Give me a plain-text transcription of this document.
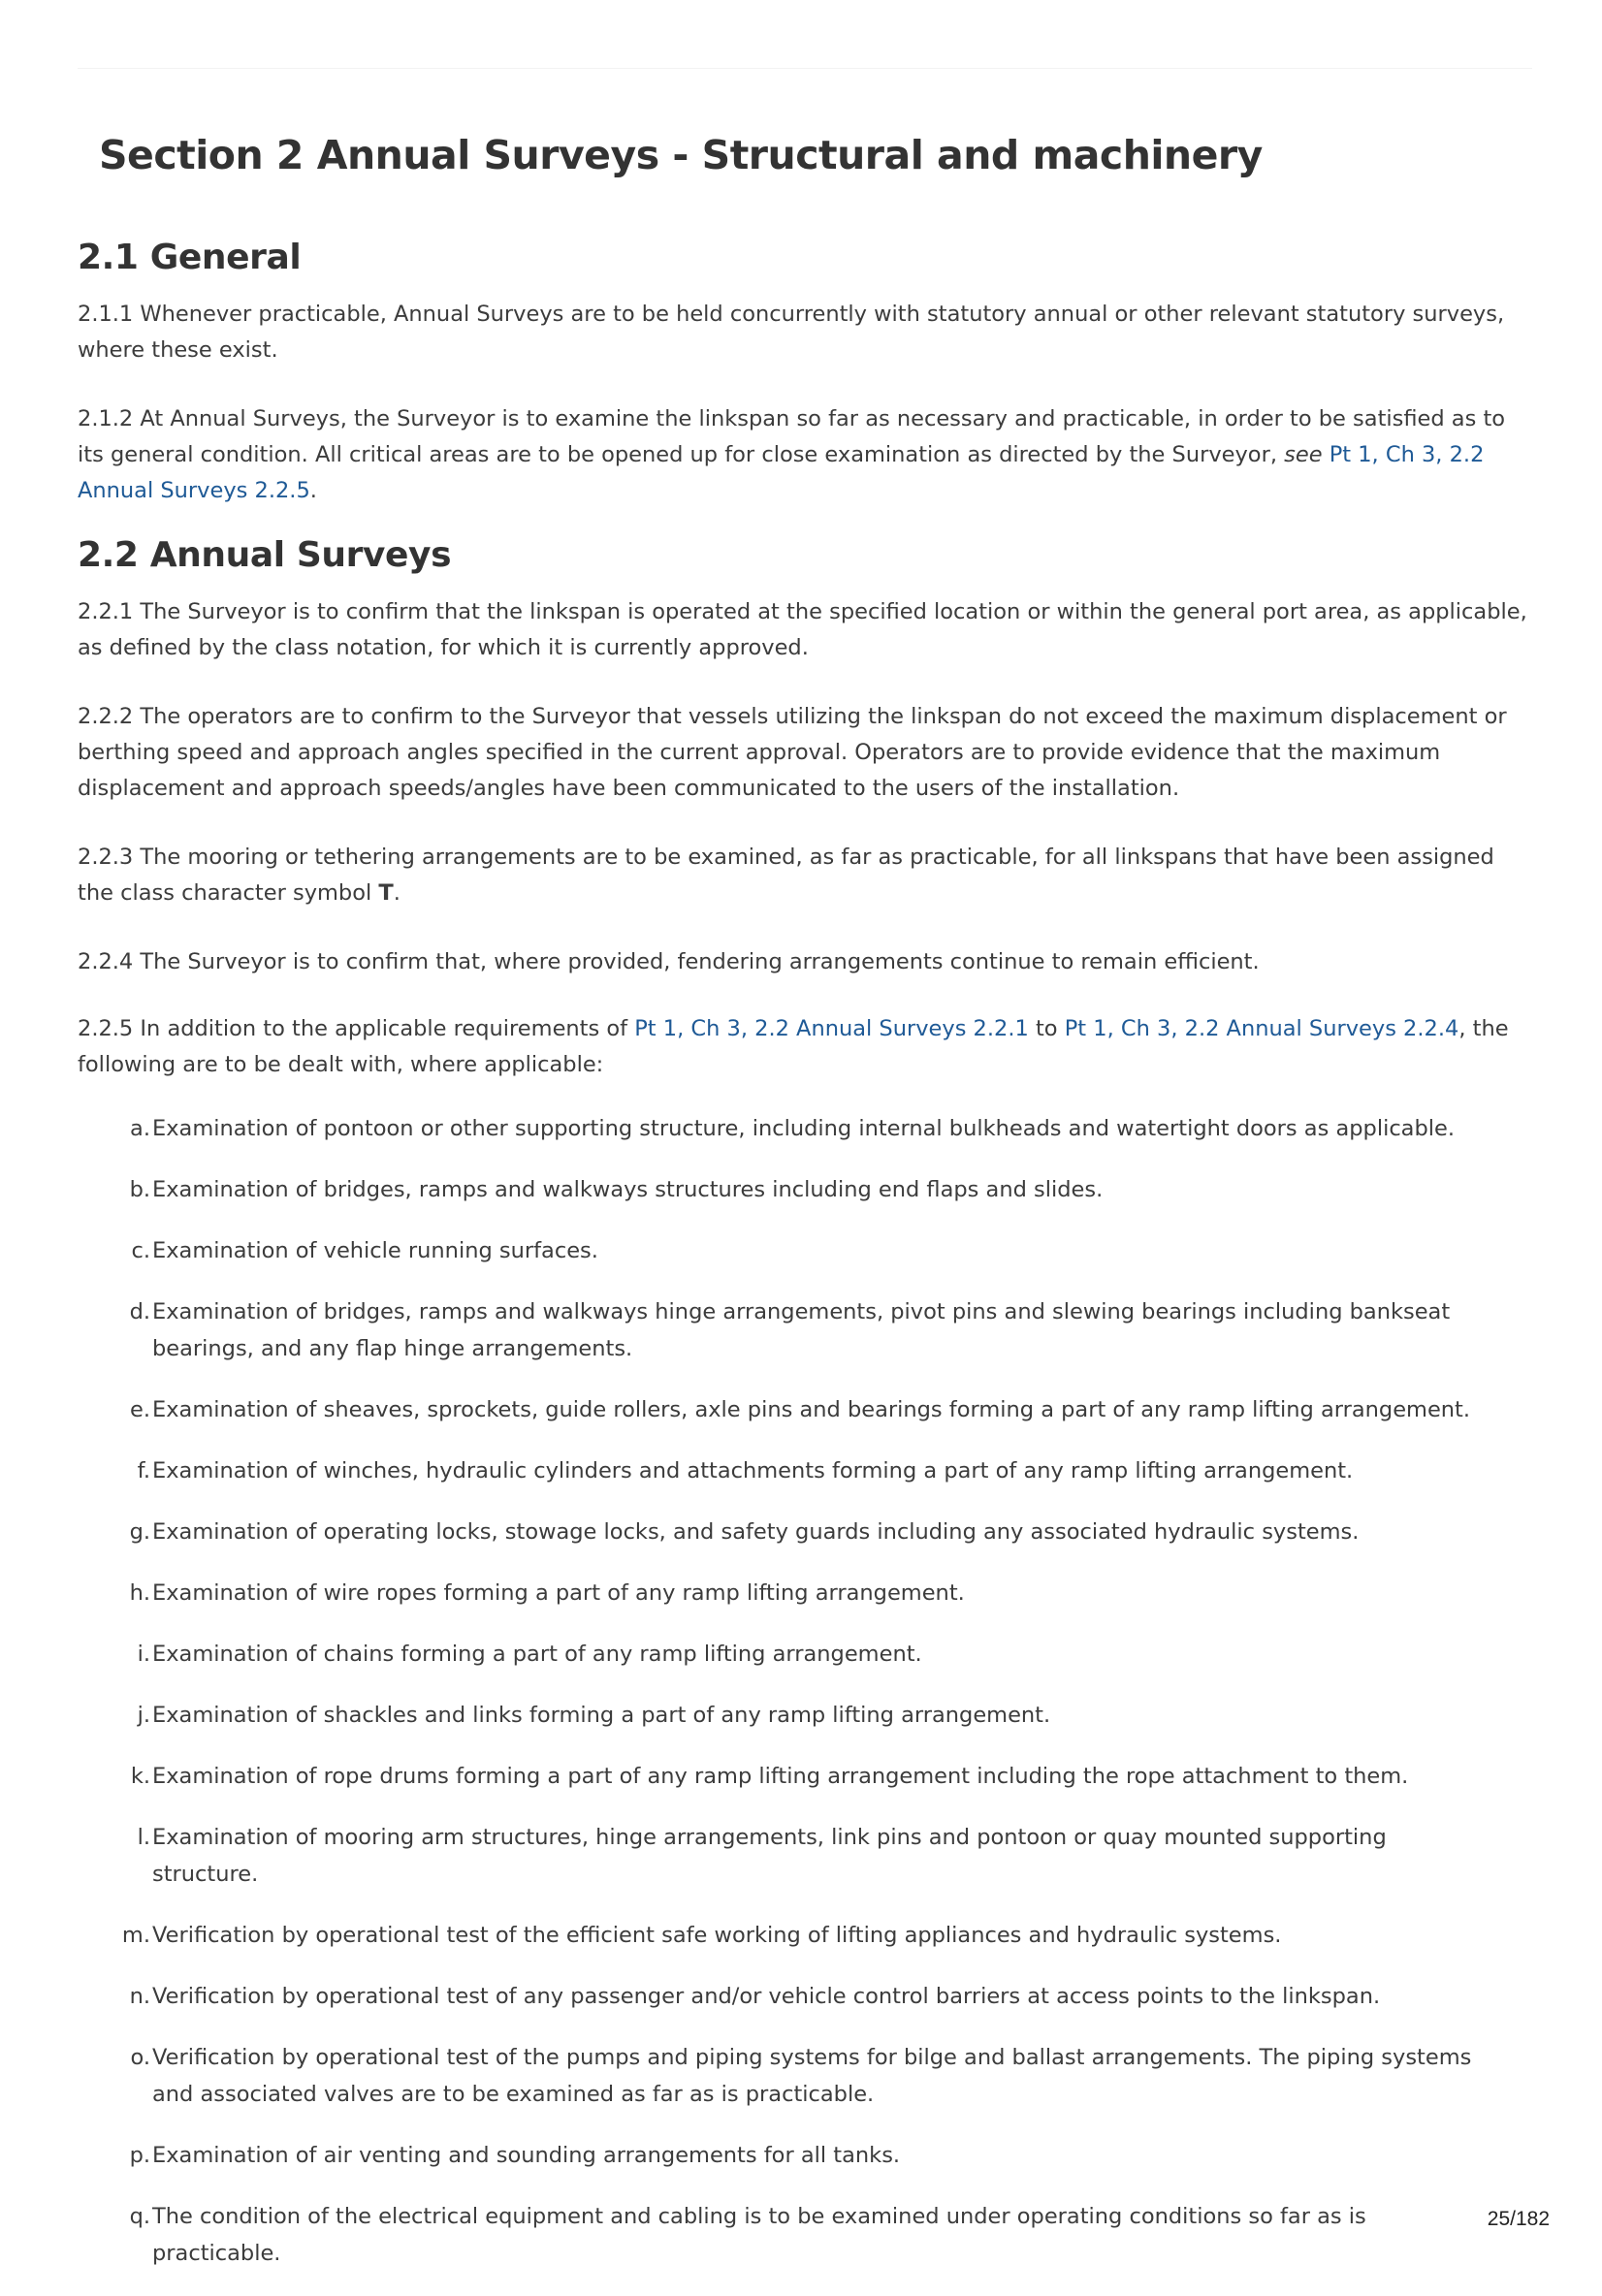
Section 2 Annual Surveys - Structural and machinery
2.1 General

2.1.1 Whenever practicable, Annual Surveys are to be held concurrently with statutory annual or other relevant statutory surveys, where these exist.

2.1.2 At Annual Surveys, the Surveyor is to examine the linkspan so far as necessary and practicable, in order to be satisfied as to its general condition. All critical areas are to be opened up for close examination as directed by the Surveyor, see Pt 1, Ch 3, 2.2 Annual Surveys 2.2.5.

2.2 Annual Surveys

2.2.1 The Surveyor is to confirm that the linkspan is operated at the specified location or within the general port area, as applicable, as defined by the class notation, for which it is currently approved.

2.2.2 The operators are to confirm to the Surveyor that vessels utilizing the linkspan do not exceed the maximum displacement or berthing speed and approach angles specified in the current approval. Operators are to provide evidence that the maximum displacement and approach speeds/angles have been communicated to the users of the installation.

2.2.3 The mooring or tethering arrangements are to be examined, as far as practicable, for all linkspans that have been assigned the class character symbol T.

2.2.4 The Surveyor is to confirm that, where provided, fendering arrangements continue to remain efficient.

2.2.5 In addition to the applicable requirements of Pt 1, Ch 3, 2.2 Annual Surveys 2.2.1 to Pt 1, Ch 3, 2.2 Annual Surveys 2.2.4, the following are to be dealt with, where applicable:

a. Examination of pontoon or other supporting structure, including internal bulkheads and watertight doors as applicable.
b. Examination of bridges, ramps and walkways structures including end flaps and slides.
c. Examination of vehicle running surfaces.
d. Examination of bridges, ramps and walkways hinge arrangements, pivot pins and slewing bearings including bankseat bearings, and any flap hinge arrangements.
e. Examination of sheaves, sprockets, guide rollers, axle pins and bearings forming a part of any ramp lifting arrangement.
f. Examination of winches, hydraulic cylinders and attachments forming a part of any ramp lifting arrangement.
g. Examination of operating locks, stowage locks, and safety guards including any associated hydraulic systems.
h. Examination of wire ropes forming a part of any ramp lifting arrangement.
i. Examination of chains forming a part of any ramp lifting arrangement.
j. Examination of shackles and links forming a part of any ramp lifting arrangement.
k. Examination of rope drums forming a part of any ramp lifting arrangement including the rope attachment to them.
l. Examination of mooring arm structures, hinge arrangements, link pins and pontoon or quay mounted supporting structure.
m. Verification by operational test of the efficient safe working of lifting appliances and hydraulic systems.
n. Verification by operational test of any passenger and/or vehicle control barriers at access points to the linkspan.
o. Verification by operational test of the pumps and piping systems for bilge and ballast arrangements. The piping systems and associated valves are to be examined as far as is practicable.
p. Examination of air venting and sounding arrangements for all tanks.
q. The condition of the electrical equipment and cabling is to be examined under operating conditions so far as is practicable.
25/182
